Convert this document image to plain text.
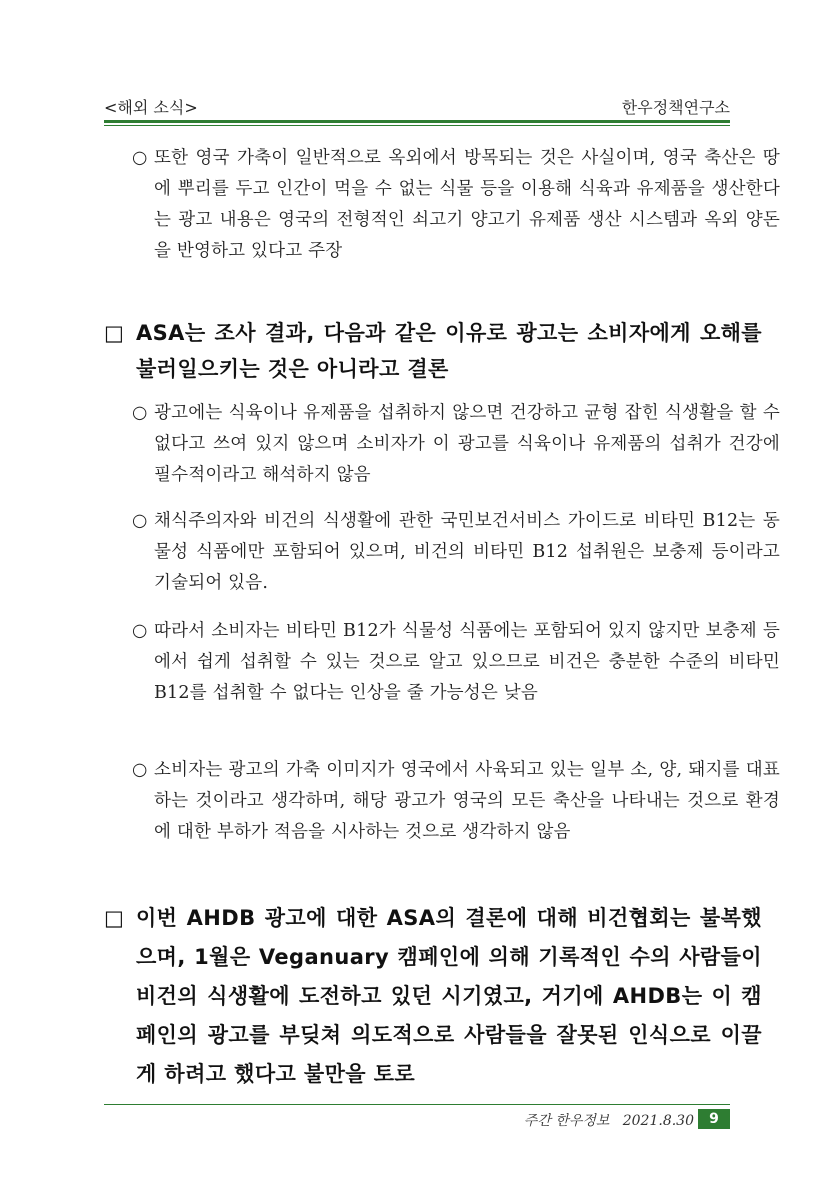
<해외 소식>	한우정책연구소
○ 또한 영국 가축이 일반적으로 옥외에서 방목되는 것은 사실이며, 영국 축산은 땅에 뿌리를 두고 인간이 먹을 수 없는 식물 등을 이용해 식육과 유제품을 생산한다는 광고 내용은 영국의 전형적인 쇠고기 양고기 유제품 생산 시스템과 옥외 양돈을 반영하고 있다고 주장
□ ASA는 조사 결과, 다음과 같은 이유로 광고는 소비자에게 오해를 불러일으키는 것은 아니라고 결론
○ 광고에는 식육이나 유제품을 섭취하지 않으면 건강하고 균형 잡힌 식생활을 할 수 없다고 쓰여 있지 않으며 소비자가 이 광고를 식육이나 유제품의 섭취가 건강에 필수적이라고 해석하지 않음
○ 채식주의자와 비건의 식생활에 관한 국민보건서비스 가이드로 비타민 B12는 동물성 식품에만 포함되어 있으며, 비건의 비타민 B12 섭취원은 보충제 등이라고 기술되어 있음.
○ 따라서 소비자는 비타민 B12가 식물성 식품에는 포함되어 있지 않지만 보충제 등에서 쉽게 섭취할 수 있는 것으로 알고 있으므로 비건은 충분한 수준의 비타민 B12를 섭취할 수 없다는 인상을 줄 가능성은 낮음
○ 소비자는 광고의 가축 이미지가 영국에서 사육되고 있는 일부 소, 양, 돼지를 대표하는 것이라고 생각하며, 해당 광고가 영국의 모든 축산을 나타내는 것으로 환경에 대한 부하가 적음을 시사하는 것으로 생각하지 않음
□ 이번 AHDB 광고에 대한 ASA의 결론에 대해 비건협회는 불복했으며, 1월은 Veganuary 캠페인에 의해 기록적인 수의 사람들이 비건의 식생활에 도전하고 있던 시기였고, 거기에 AHDB는 이 캠페인의 광고를 부딪쳐 의도적으로 사람들을 잘못된 인식으로 이끌게 하려고 했다고 불만을 토로
주간 한우정보   2021.8.30	9
